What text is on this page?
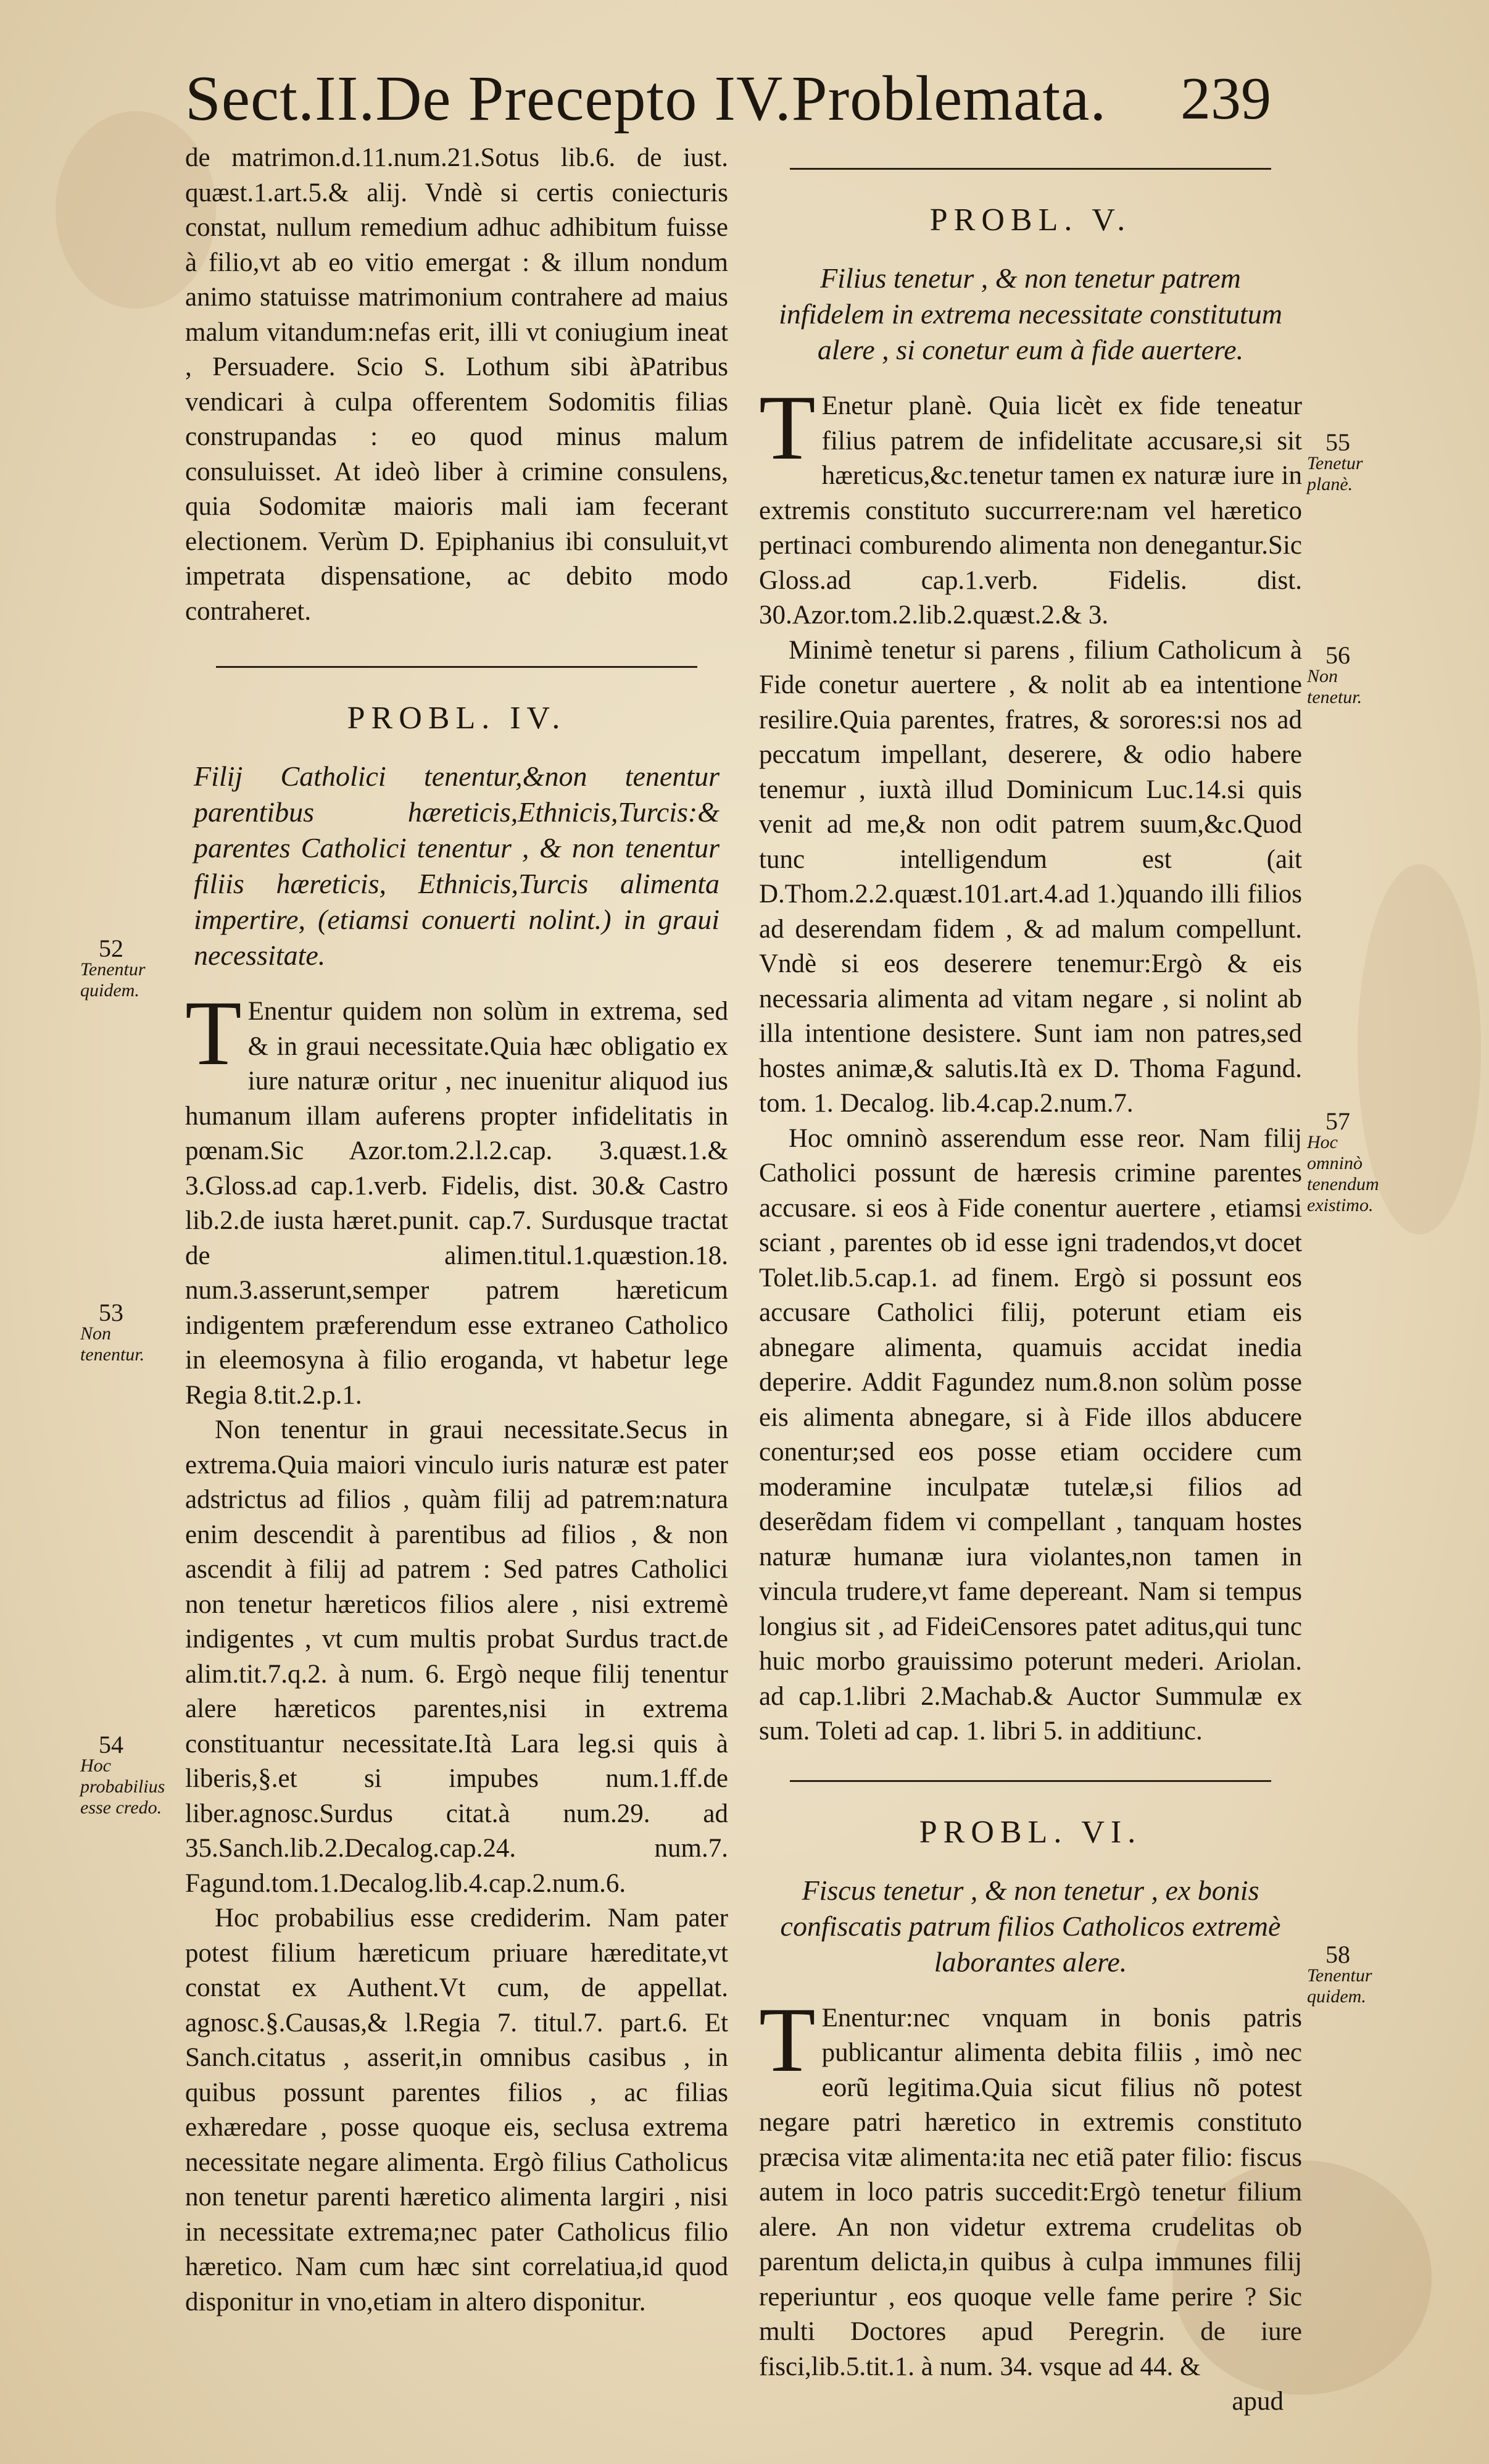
Sect.II.De Precepto IV.Problemata. 239

de matrimon.d.11.num.21.Sotus lib.6. de iust. quæst.1.art.5.& alij. Vndè si certis coniecturis constat, nullum remedium adhuc adhibitum fuisse à filio,vt ab eo vitio emergat : & illum nondum animo statuisse matrimonium contrahere ad maius malum vitandum:nefas erit, illi vt coniugium ineat , Persuadere. Scio S. Lothum sibi àPatribus vendicari à culpa offerentem Sodomitis filias construpandas : eo quod minus malum consuluisset. At ideò liber à crimine consulens, quia Sodomitæ maioris mali iam fecerant electionem. Verùm D. Epiphanius ibi consuluit,vt impetrata dispensatione, ac debito modo contraheret.

PROBL. IV.
Filij Catholici tenentur,&non tenentur parentibus hæreticis,Ethnicis,Turcis:& parentes Catholici tenentur , & non tenentur filiis hæreticis, Ethnicis,Turcis alimenta impertire, (etiamsi conuerti nolint.) in graui necessitate.

T Enentur quidem non solùm in extrema, sed & in graui necessitate.Quia hæc obligatio ex iure naturæ oritur , nec inuenitur aliquod ius humanum illam auferens propter infidelitatis in pœnam.Sic Azor.tom.2.l.2.cap. 3.quæst.1.& 3.Gloss.ad cap.1.verb. Fidelis, dist. 30.& Castro lib.2.de iusta hæret.punit. cap.7. Surdusque tractat de alimen.titul.1.quæstion.18. num.3.asserunt,semper patrem hæreticum indigentem præferendum esse extraneo Catholico in eleemosyna à filio eroganda, vt habetur lege Regia 8.tit.2.p.1.

Non tenentur in graui necessitate.Secus in extrema.Quia maiori vinculo iuris naturæ est pater adstrictus ad filios , quàm filij ad patrem:natura enim descendit à parentibus ad filios , & non ascendit à filij ad patrem : Sed patres Catholici non tenetur hæreticos filios alere , nisi extremè indigentes , vt cum multis probat Surdus tract.de alim.tit.7.q.2. à num. 6. Ergò neque filij tenentur alere hæreticos parentes,nisi in extrema constituantur necessitate.Ità Lara leg.si quis à liberis,§.et si impubes num.1.ff.de liber.agnosc.Surdus citat.à num.29. ad 35.Sanch.lib.2.Decalog.cap.24. num.7. Fagund.tom.1.Decalog.lib.4.cap.2.num.6.

Hoc probabilius esse crediderim. Nam pater potest filium hæreticum priuare hæreditate,vt constat ex Authent.Vt cum, de appellat. agnosc.§.Causas,& l.Regia 7. titul.7. part.6. Et Sanch.citatus , asserit,in omnibus casibus , in quibus possunt parentes filios , ac filias exhæredare , posse quoque eis, seclusa extrema necessitate negare alimenta. Ergò filius Catholicus non tenetur parenti hæretico alimenta largiri , nisi in necessitate extrema;nec pater Catholicus filio hæretico. Nam cum hæc sint correlatiua,id quod disponitur in vno,etiam in altero disponitur.

52
Tenentur quidem.
53
Non tenentur.
54
Hoc probabilius esse credo.
PROBL. V.
Filius tenetur , & non tenetur patrem infidelem in extrema necessitate constitutum alere , si conetur eum à fide auertere.

T Enetur planè. Quia licèt ex fide teneatur filius patrem de infidelitate accusare,si sit hæreticus,&c.tenetur tamen ex naturæ iure in extremis constituto succurrere:nam vel hæretico pertinaci comburendo alimenta non denegantur.Sic Gloss.ad cap.1.verb. Fidelis. dist. 30.Azor.tom.2.lib.2.quæst.2.& 3.

Minimè tenetur si parens , filium Catholicum à Fide conetur auertere , & nolit ab ea intentione resilire.Quia parentes, fratres, & sorores:si nos ad peccatum impellant, deserere, & odio habere tenemur , iuxtà illud Dominicum Luc.14.si quis venit ad me,& non odit patrem suum,&c.Quod tunc intelligendum est (ait D.Thom.2.2.quæst.101.art.4.ad 1.)quando illi filios ad deserendam fidem , & ad malum compellunt. Vndè si eos deserere tenemur:Ergò & eis necessaria alimenta ad vitam negare , si nolint ab illa intentione desistere. Sunt iam non patres,sed hostes animæ,& salutis.Ità ex D. Thoma Fagund. tom. 1. Decalog. lib.4.cap.2.num.7.

Hoc omninò asserendum esse reor. Nam filij Catholici possunt de hæresis crimine parentes accusare. si eos à Fide conentur auertere , etiamsi sciant , parentes ob id esse igni tradendos,vt docet Tolet.lib.5.cap.1. ad finem. Ergò si possunt eos accusare Catholici filij, poterunt etiam eis abnegare alimenta, quamuis accidat inedia deperire. Addit Fagundez num.8.non solùm posse eis alimenta abnegare, si à Fide illos abducere conentur;sed eos posse etiam occidere cum moderamine inculpatæ tutelæ,si filios ad deserẽdam fidem vi compellant , tanquam hostes naturæ humanæ iura violantes,non tamen in vincula trudere,vt fame depereant. Nam si tempus longius sit , ad FideiCensores patet aditus,qui tunc huic morbo grauissimo poterunt mederi. Ariolan. ad cap.1.libri 2.Machab.& Auctor Summulæ ex sum. Toleti ad cap. 1. libri 5. in additiunc.

PROBL. VI.
Fiscus tenetur , & non tenetur , ex bonis confiscatis patrum filios Catholicos extremè laborantes alere.

T Enentur:nec vnquam in bonis patris publicantur alimenta debita filiis , imò nec eorũ legitima.Quia sicut filius nõ potest negare patri hæretico in extremis constituto præcisa vitæ alimenta:ita nec etiã pater filio: fiscus autem in loco patris succedit:Ergò tenetur filium alere. An non videtur extrema crudelitas ob parentum delicta,in quibus à culpa immunes filij reperiuntur , eos quoque velle fame perire ? Sic multi Doctores apud Peregrin. de iure fisci,lib.5.tit.1. à num. 34. vsque ad 44. &

apud
55
Tenetur planè.
56
Non tenetur.
57
Hoc omninò tenendum existimo.
58
Tenentur quidem.
